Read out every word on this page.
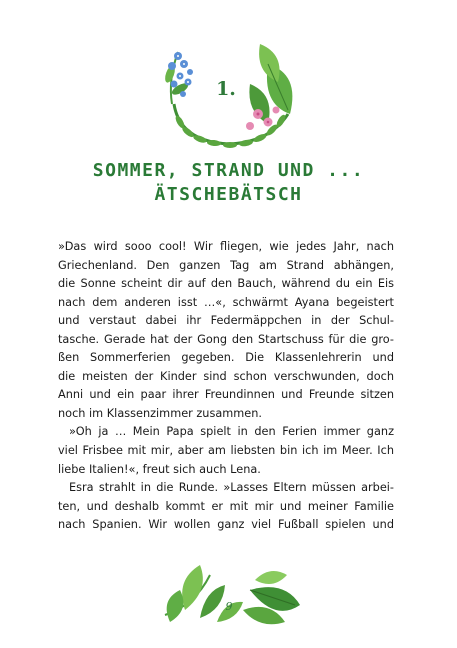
1.
SOMMER, STRAND UND ...
ÄTSCHEBÄTSCH
»Das wird sooo cool! Wir fliegen, wie jedes Jahr, nach
Griechenland. Den ganzen Tag am Strand abhängen,
die Sonne scheint dir auf den Bauch, während du ein Eis
nach dem anderen isst …«, schwärmt Ayana begeistert
und verstaut dabei ihr Federmäppchen in der Schul-
tasche. Gerade hat der Gong den Startschuss für die gro-
ßen Sommerferien gegeben. Die Klassenlehrerin und
die meisten der Kinder sind schon verschwunden, doch
Anni und ein paar ihrer Freundinnen und Freunde sitzen
noch im Klassenzimmer zusammen.
»Oh ja … Mein Papa spielt in den Ferien immer ganz
viel Frisbee mit mir, aber am liebsten bin ich im Meer. Ich
liebe Italien!«, freut sich auch Lena.
Esra strahlt in die Runde. »Lasses Eltern müssen arbei-
ten, und deshalb kommt er mit mir und meiner Familie
nach Spanien. Wir wollen ganz viel Fußball spielen und
9
